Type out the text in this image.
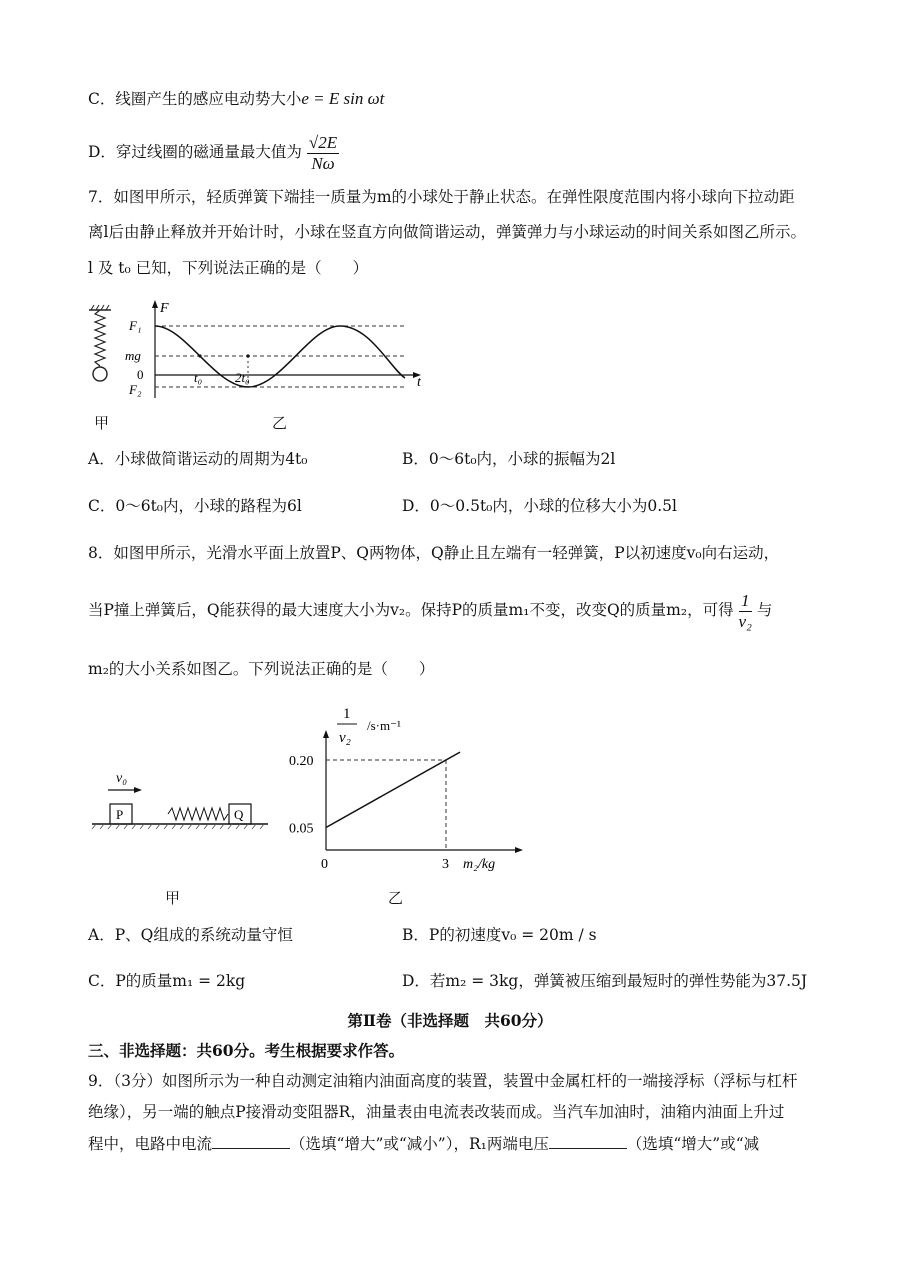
C．线圈产生的感应电动势大小e = E sin ωt
D．穿过线圈的磁通量最大值为 $\frac{√2E}{N\omega}$
7．如图甲所示，轻质弹簧下端挂一质量为m的小球处于静止状态。在弹性限度范围内将小球向下拉动距
离l后由静止释放并开始计时，小球在竖直方向做简谐运动，弹簧弹力与小球运动的时间关系如图乙所示。
l 及 t₀ 已知，下列说法正确的是（　　）
F
F₁
mg
0
F₂
t₀	2t₀	t
甲	乙
A．小球做简谐运动的周期为4t₀	B．0～6t₀内，小球的振幅为2l
C．0～6t₀内，小球的路程为6l	D．0～0.5t₀内，小球的位移大小为0.5l
8．如图甲所示，光滑水平面上放置P、Q两物体，Q静止且左端有一轻弹簧，P以初速度v₀向右运动，
当P撞上弹簧后，Q能获得的最大速度大小为v₂。保持P的质量m₁不变，改变Q的质量m₂，可得 $\frac{1}{\text{v₂}}$ 与
m₂的大小关系如图乙。下列说法正确的是（　　）
v₀
P	Q
甲
1
v₂
/s·m⁻¹
0.20
0.05
0	3 m₂/kg
乙
A．P、Q组成的系统动量守恒	B．P的初速度v₀ = 20m / s
C．P的质量m₁ = 2kg	D．若m₂ = 3kg，弹簧被压缩到最短时的弹性势能为37.5J
第Ⅱ卷（非选择题　共60分）
三、非选择题：共60分。考生根据要求作答。
9．（3分）如图所示为一种自动测定油箱内油面高度的装置，装置中金属杠杆的一端接浮标（浮标与杠杆
绝缘），另一端的触点P接滑动变阻器R，油量表由电流表改装而成。当汽车加油时，油箱内油面上升过
程中，电路中电流	（选填“增大”或“减小”），R₁两端电压	（选填“增大”或“减
